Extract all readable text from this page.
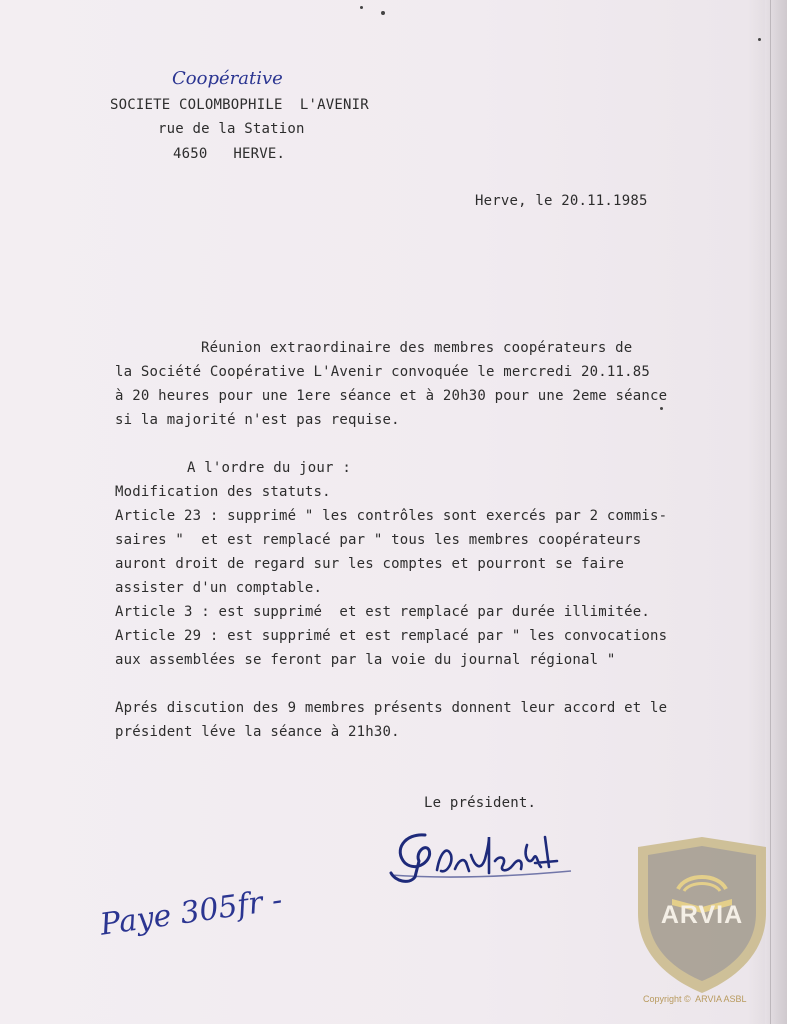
Coopérative
SOCIETE COLOMBOPHILE  L'AVENIR
rue de la Station
4650   HERVE.
Herve, le 20.11.1985
Réunion extraordinaire des membres coopérateurs de
la Société Coopérative L'Avenir convoquée le mercredi 20.11.85
à 20 heures pour une 1ere séance et à 20h30 pour une 2eme séance
si la majorité n'est pas requise.
A l'ordre du jour :
Modification des statuts.
Article 23 : supprimé " les contrôles sont exercés par 2 commis-
saires "  et est remplacé par " tous les membres coopérateurs
auront droit de regard sur les comptes et pourront se faire
assister d'un comptable.
Article 3 : est supprimé  et est remplacé par durée illimitée.
Article 29 : est supprimé et est remplacé par " les convocations
aux assemblées se feront par la voie du journal régional "
Aprés discution des 9 membres présents donnent leur accord et le
président léve la séance à 21h30.
Le président.
Paye 305fr -	ARVIA
Copyright ©  ARVIA ASBL
